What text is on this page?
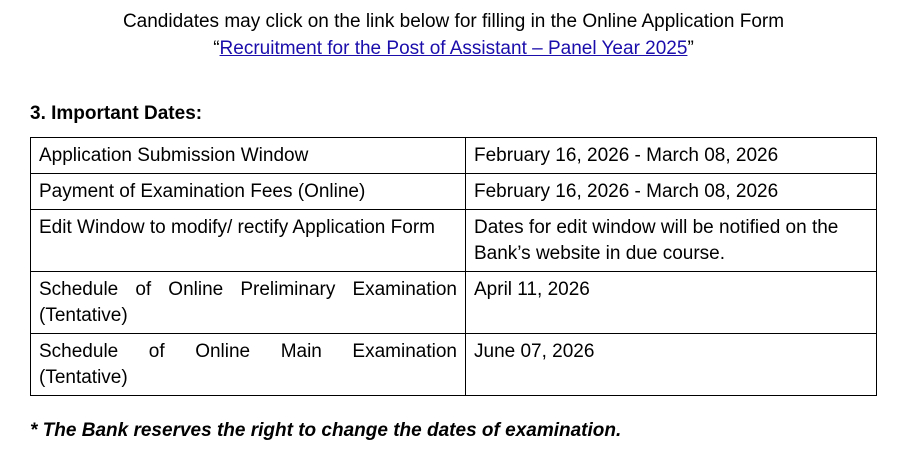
Candidates may click on the link below for filling in the Online Application Form
“Recruitment for the Post of Assistant – Panel Year 2025”
3. Important Dates:
Application Submission Window	February 16, 2026 - March 08, 2026
Payment of Examination Fees (Online)	February 16, 2026 - March 08, 2026
Edit Window to modify/ rectify Application Form	Dates for edit window will be notified on the Bank’s website in due course.

Schedule of Online Preliminary Examination
(Tentative)	April 11, 2026

Schedule of Online Main Examination
(Tentative)	June 07, 2026
* The Bank reserves the right to change the dates of examination.
